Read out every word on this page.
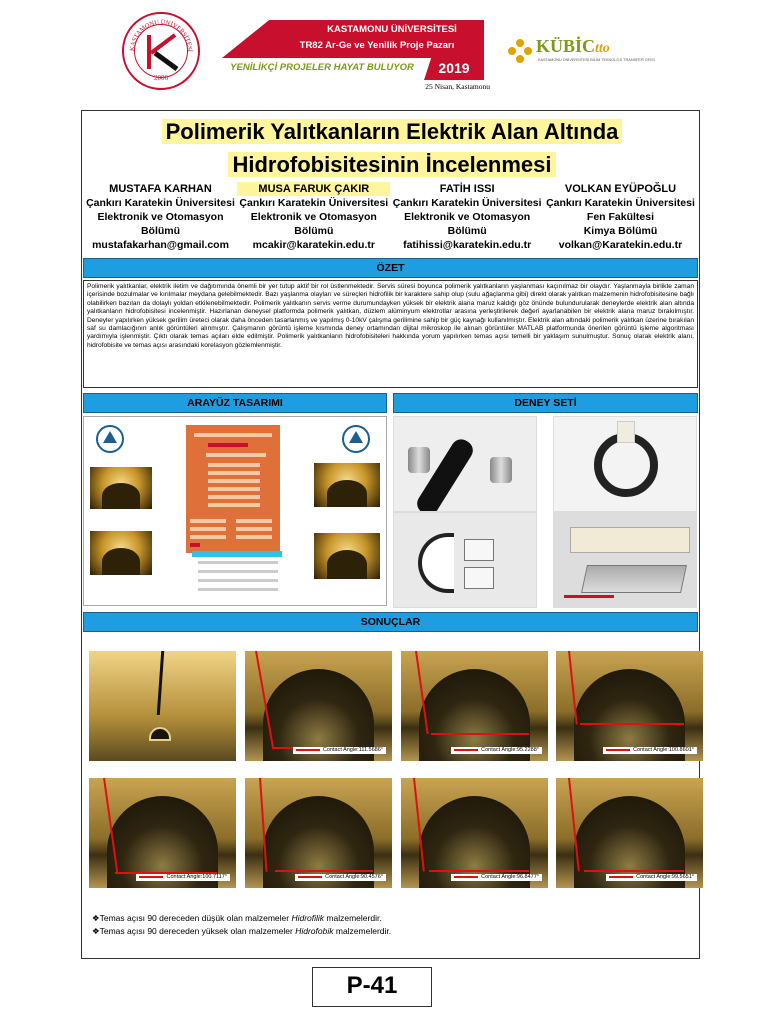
KASTAMONU ÜNİVERSİTESİ
2006
KASTAMONU ÜNİVERSİTESİ
TR82 Ar-Ge ve Yenilik Proje Pazarı
YENİLİKÇİ PROJELER HAYAT BULUYOR	2019
25 Nisan, Kastamonu
KÜBİCtto
KASTAMONU ÜNİVERSİTESİ BİLİM TEKNOLOJİ TRANSFER OFİSİ
Polimerik Yalıtkanların Elektrik Alan Altında
Hidrofobisitesinin İncelenmesi
MUSTAFA KARHAN
Çankırı Karatekin Üniversitesi
Elektronik ve Otomasyon
Bölümü
mustafakarhan@gmail.com
MUSA FARUK ÇAKIR
Çankırı Karatekin Üniversitesi
Elektronik ve Otomasyon
Bölümü
mcakir@karatekin.edu.tr
FATİH ISSI
Çankırı Karatekin Üniversitesi
Elektronik ve Otomasyon
Bölümü
fatihissi@karatekin.edu.tr
VOLKAN EYÜPOĞLU
Çankırı Karatekin Üniversitesi
Fen Fakültesi
Kimya Bölümü
volkan@Karatekin.edu.tr
ÖZET
Polimerik yalıtkanlar, elektrik iletim ve dağıtımında önemli bir yer tutup aktif bir rol üstlenmektedir. Servis süresi boyunca polimerik yalıtkanların yaşlanması kaçınılmaz bir olaydır. Yaşlanmayla birlikte zaman içerisinde bozulmalar ve kırılmalar meydana gelebilmektedir. Bazı yaşlanma olayları ve süreçleri hidrofilik bir karaktere sahip olup (sulu ağaçlanma gibi) direkt olarak yalıtkan malzemenin hidrofobisitesine bağlı olabilirken bazıları da dolaylı yoldan etkilenebilmektedir. Polimerik yalıtkanın servis verme durumundayken yüksek bir elektrik alana maruz kaldığı göz önünde bulundurularak deneylerde elektrik alan altında yalıtkanların hidrofobisitesi incelenmiştir. Hazırlanan deneysel platformda polimerik yalıtkan, düzlem alüminyum elektrotlar arasına yerleştirilerek değeri ayarlanabilen bir elektrik alana maruz bırakılmıştır. Deneyler yapılırken yüksek gerilim üreteci olarak daha önceden tasarlanmış ve yapılmış 0-10kV çalışma gerilimine sahip bir güç kaynağı kullanılmıştır. Elektrik alan altındaki polimerik yalıtkan üzerine bırakılan saf su damlacığının anlık görüntüleri alınmıştır. Çalışmanın görüntü işleme kısmında deney ortamından dijital mikroskop ile alınan görüntüler MATLAB platformunda önerilen görüntü işleme algoritması yardımıyla işlenmiştir. Çıktı olarak temas açıları elde edilmiştir. Polimerik yalıtkanların hidrofobisiteleri hakkında yorum yapılırken temas açısı temelli bir yaklaşım sunulmuştur. Sonuç olarak elektrik alanı, hidrofobisite ve temas açısı arasındaki korelasyon gözlemlenmiştir.
ARAYÜZ TASARIMI	DENEY SETİ
SONUÇLAR
Contact Angle:111.5686°	Contact Angle:95.2288°	Contact Angle:100.8601°
Contact Angle:100.7117°	Contact Angle:90.4576°	Contact Angle:96.8477°	Contact Angle:99.5651°
❖Temas açısı 90 dereceden düşük olan malzemeler Hidrofilik malzemelerdir.
❖Temas açısı 90 dereceden yüksek olan malzemeler Hidrofobik malzemelerdir.
P-41
